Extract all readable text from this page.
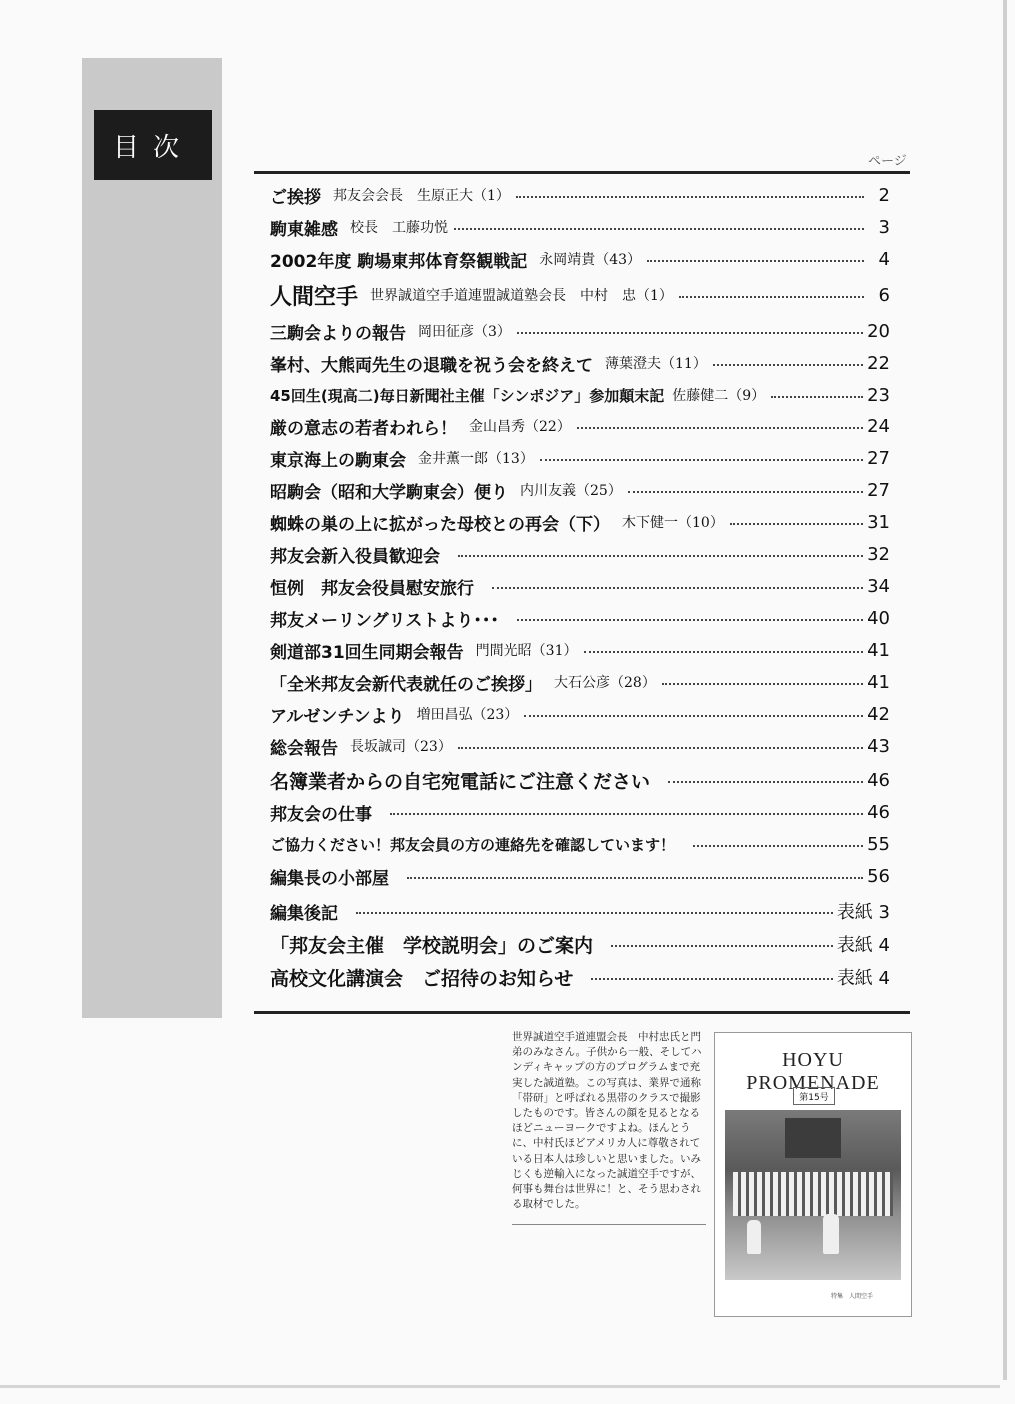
目次	ページ
ご挨拶 邦友会会長　生原正大（1）	2
駒東雑感 校長　工藤功悦	3
2002年度 駒場東邦体育祭観戦記 永岡靖貴（43）	4
人間空手 世界誠道空手道連盟誠道塾会長　中村　忠（1）	6
三駒会よりの報告 岡田征彦（3）	20
峯村、大熊両先生の退職を祝う会を終えて 薄葉澄夫（11）	22
45回生(現高二)毎日新聞社主催「シンポジア」参加顛末記 佐藤健二（9）	23
厳の意志の若者われら！ 金山昌秀（22）	24
東京海上の駒東会 金井薫一郎（13）	27
昭駒会（昭和大学駒東会）便り 内川友義（25）	27
蜘蛛の巣の上に拡がった母校との再会（下） 木下健一（10）	31
邦友会新入役員歓迎会	32
恒例　邦友会役員慰安旅行	34
邦友メーリングリストより･･･	40
剣道部31回生同期会報告 門間光昭（31）	41
「全米邦友会新代表就任のご挨拶」 大石公彦（28）	41
アルゼンチンより 増田昌弘（23）	42
総会報告 長坂誠司（23）	43
名簿業者からの自宅宛電話にご注意ください	46
邦友会の仕事	46
ご協力ください！邦友会員の方の連絡先を確認しています！	55
編集長の小部屋	56
編集後記	表紙 3
「邦友会主催　学校説明会」のご案内	表紙 4
高校文化講演会　ご招待のお知らせ	表紙 4
世界誠道空手道連盟会長　中村忠氏と門弟のみなさん。子供から一般、そしてハンディキャップの方のプログラムまで充実した誠道塾。この写真は、業界で通称「帯研」と呼ばれる黒帯のクラスで撮影したものです。皆さんの顔を見るとなるほどニューヨークですよね。ほんとうに、中村氏ほどアメリカ人に尊敬されている日本人は珍しいと思いました。いみじくも逆輸入になった誠道空手ですが、何事も舞台は世界に！と、そう思わされる取材でした。
HOYU PROMENADE
第15号
特集　人間空手
